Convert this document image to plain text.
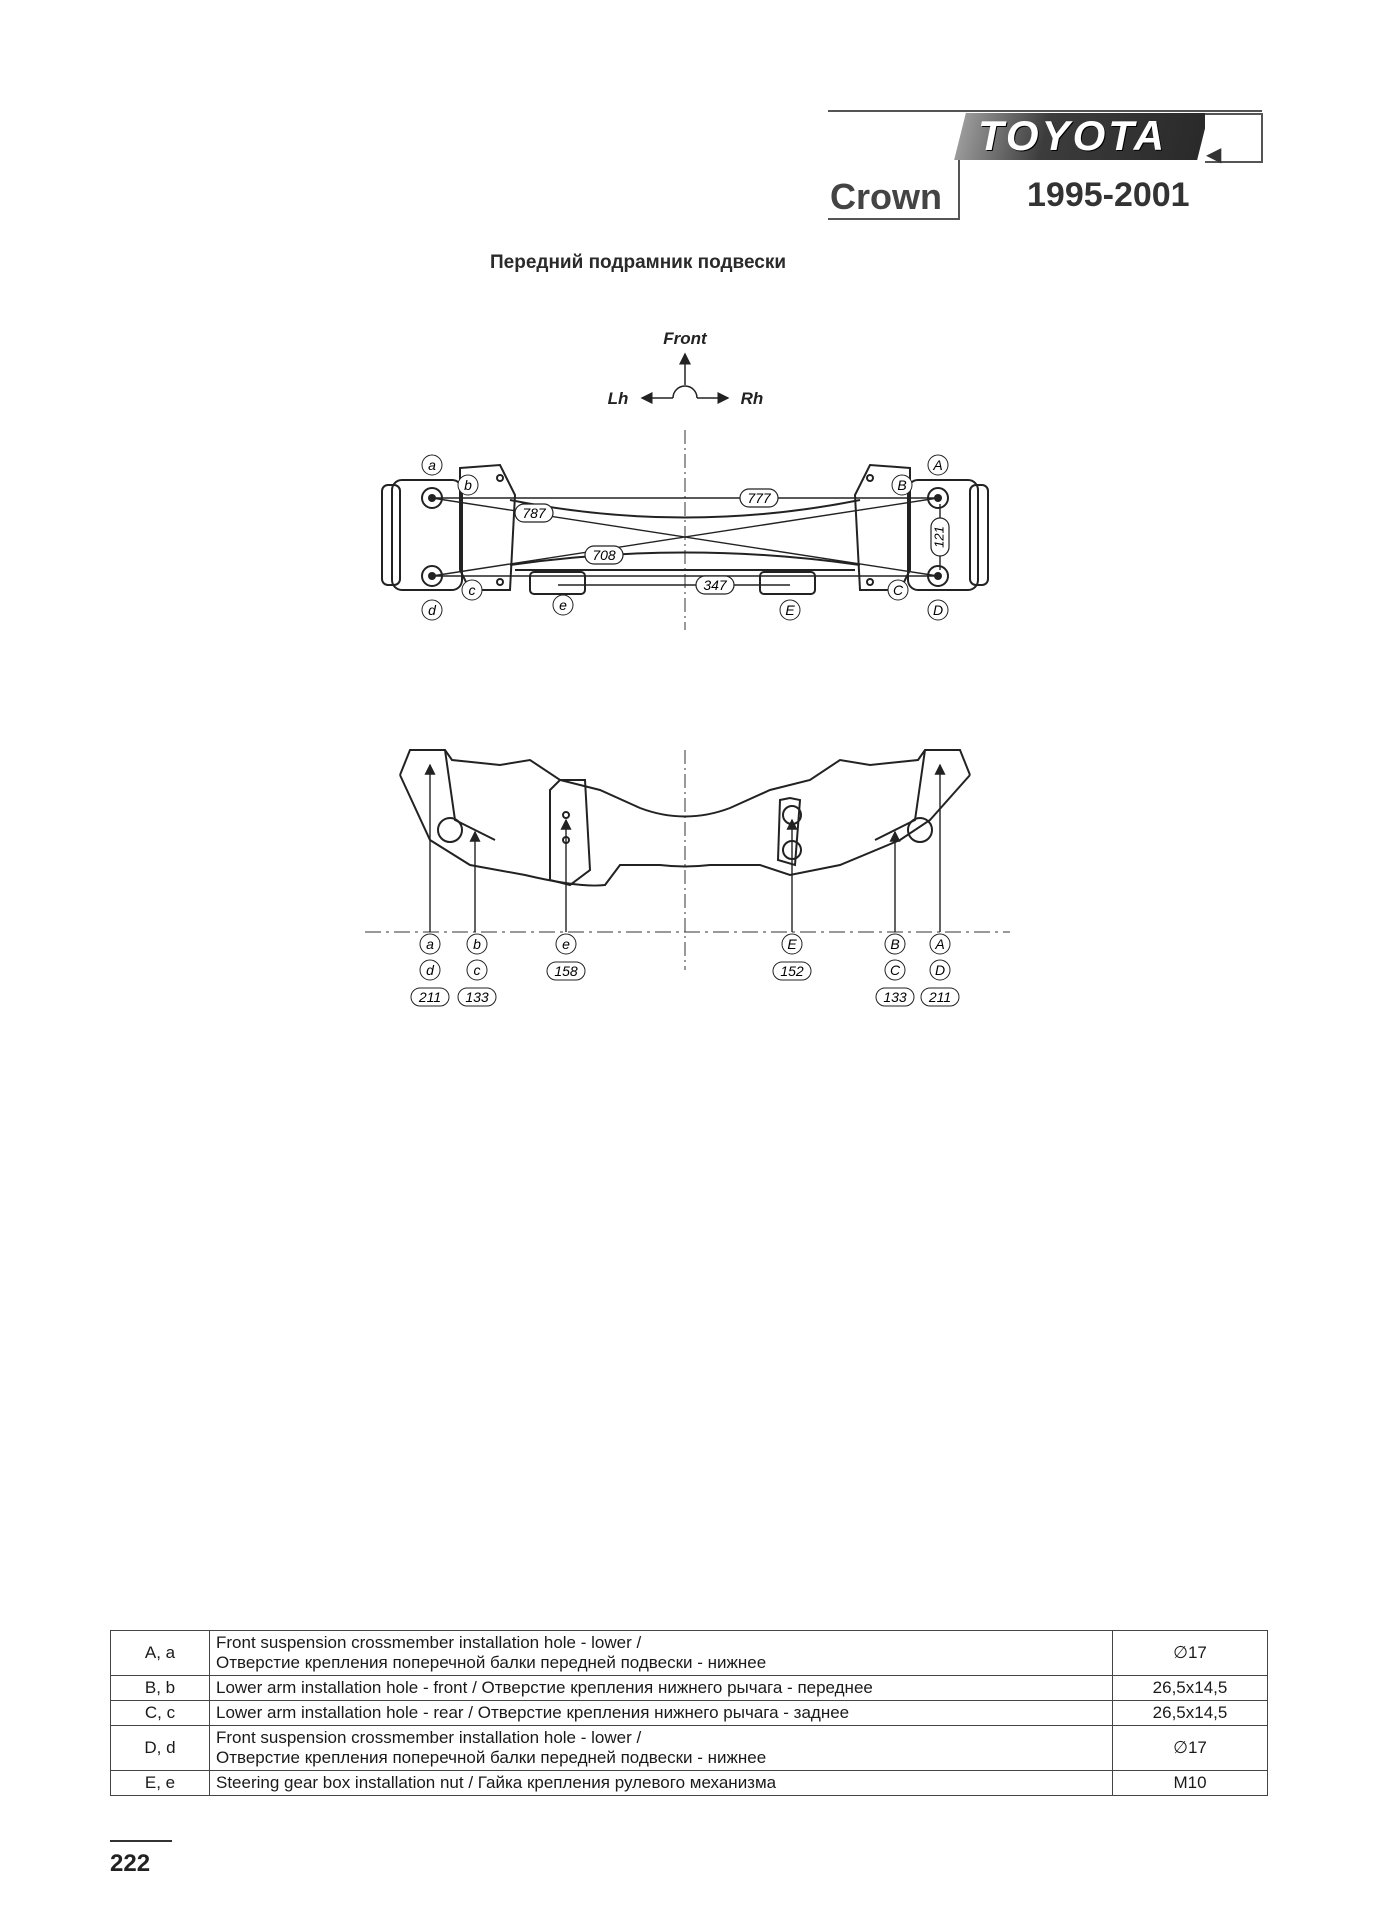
TOYOTA	◀
Crown	1995-2001
Передний подрамник подвески
Front
Lh	Rh
787
777
708
347
121
a
b
c
d	e
A
B
C
D
E
a
d
211
b
c
133
e
158
E
152
B
C
133
A
D
211
A, a	Front suspension crossmember installation hole - lower /
Отверстие крепления поперечной балки передней подвески - нижнее	∅17
B, b	Lower arm installation hole - front / Отверстие крепления нижнего рычага - переднее	26,5x14,5
C, c	Lower arm installation hole - rear / Отверстие крепления нижнего рычага - заднее	26,5x14,5
D, d	Front suspension crossmember installation hole - lower /
Отверстие крепления поперечной балки передней подвески - нижнее	∅17
E, e	Steering gear box installation nut / Гайка крепления рулевого механизма	M10
222
